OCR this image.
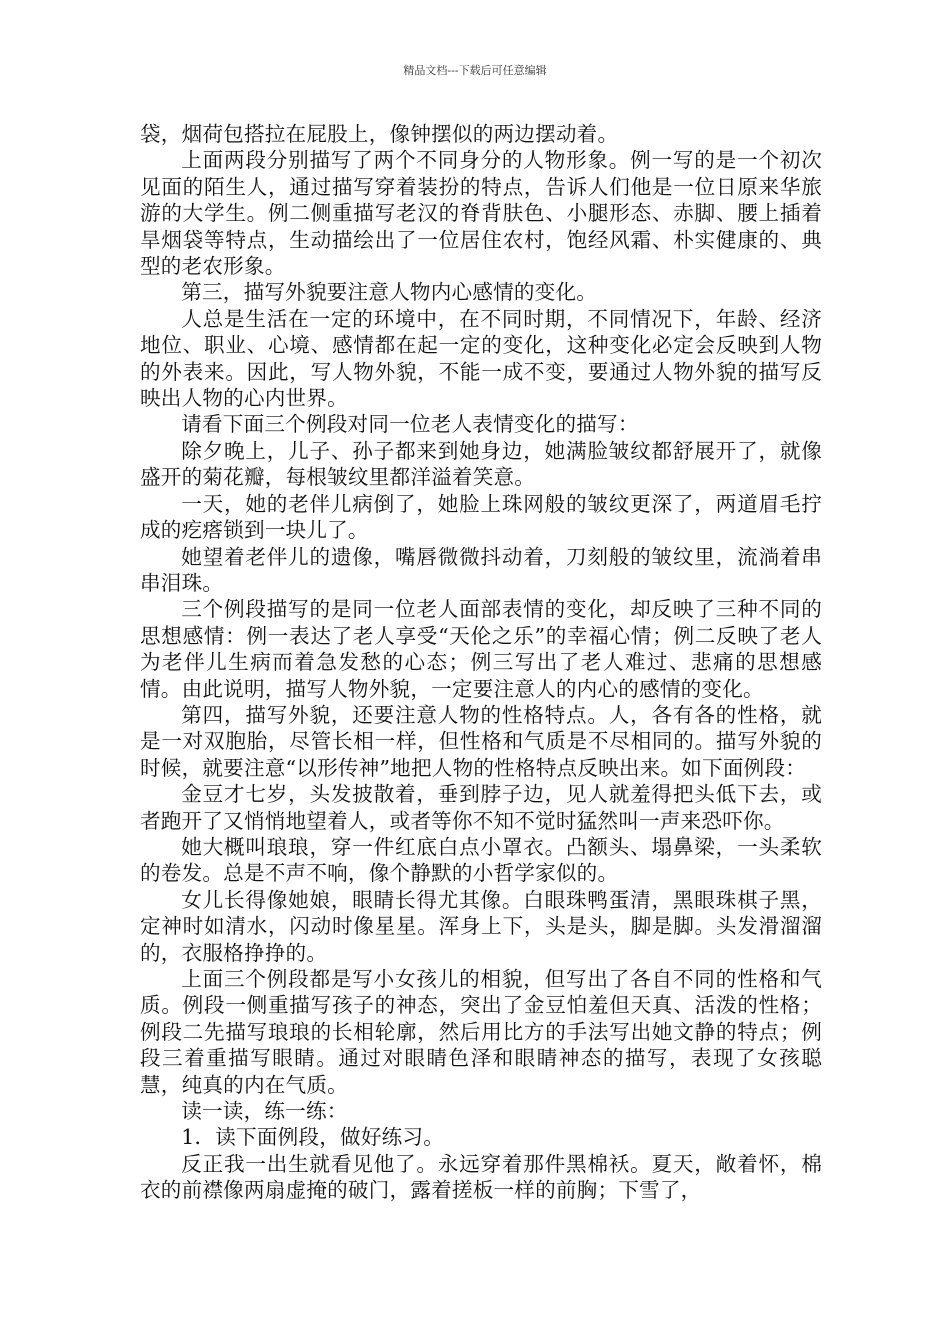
精品文档---下载后可任意编辑

袋，烟荷包搭拉在屁股上，像钟摆似的两边摆动着。

上面两段分别描写了两个不同身分的人物形象。例一写的是一个初次见面的陌生人，通过描写穿着装扮的特点，告诉人们他是一位日原来华旅游的大学生。例二侧重描写老汉的脊背肤色、小腿形态、赤脚、腰上插着旱烟袋等特点，生动描绘出了一位居住农村，饱经风霜、朴实健康的、典型的老农形象。

第三，描写外貌要注意人物内心感情的变化。

人总是生活在一定的环境中，在不同时期，不同情况下，年龄、经济地位、职业、心境、感情都在起一定的变化，这种变化必定会反映到人物的外表来。因此，写人物外貌，不能一成不变，要通过人物外貌的描写反映出人物的心内世界。

请看下面三个例段对同一位老人表情变化的描写：

除夕晚上，儿子、孙子都来到她身边，她满脸皱纹都舒展开了，就像盛开的菊花瓣，每根皱纹里都洋溢着笑意。

一天，她的老伴儿病倒了，她脸上珠网般的皱纹更深了，两道眉毛拧成的疙瘩锁到一块儿了。

她望着老伴儿的遗像，嘴唇微微抖动着，刀刻般的皱纹里，流淌着串串泪珠。

三个例段描写的是同一位老人面部表情的变化，却反映了三种不同的思想感情：例一表达了老人享受“天伦之乐”的幸福心情；例二反映了老人为老伴儿生病而着急发愁的心态；例三写出了老人难过、悲痛的思想感情。由此说明，描写人物外貌，一定要注意人的内心的感情的变化。

第四，描写外貌，还要注意人物的性格特点。人，各有各的性格，就是一对双胞胎，尽管长相一样，但性格和气质是不尽相同的。描写外貌的时候，就要注意“以形传神”地把人物的性格特点反映出来。如下面例段：

金豆才七岁，头发披散着，垂到脖子边，见人就羞得把头低下去，或者跑开了又悄悄地望着人，或者等你不知不觉时猛然叫一声来恐吓你。

她大概叫琅琅，穿一件红底白点小罩衣。凸额头、塌鼻梁，一头柔软的卷发。总是不声不响，像个静默的小哲学家似的。

女儿长得像她娘，眼睛长得尤其像。白眼珠鸭蛋清，黑眼珠棋子黑，定神时如清水，闪动时像星星。浑身上下，头是头，脚是脚。头发滑溜溜的，衣服格挣挣的。

上面三个例段都是写小女孩儿的相貌，但写出了各自不同的性格和气质。例段一侧重描写孩子的神态，突出了金豆怕羞但天真、活泼的性格；例段二先描写琅琅的长相轮廓，然后用比方的手法写出她文静的特点；例段三着重描写眼睛。通过对眼睛色泽和眼睛神态的描写，表现了女孩聪慧，纯真的内在气质。

读一读，练一练：

1．读下面例段，做好练习。

反正我一出生就看见他了。永远穿着那件黑棉袄。夏天，敞着怀，棉衣的前襟像两扇虚掩的破门，露着搓板一样的前胸；下雪了，
